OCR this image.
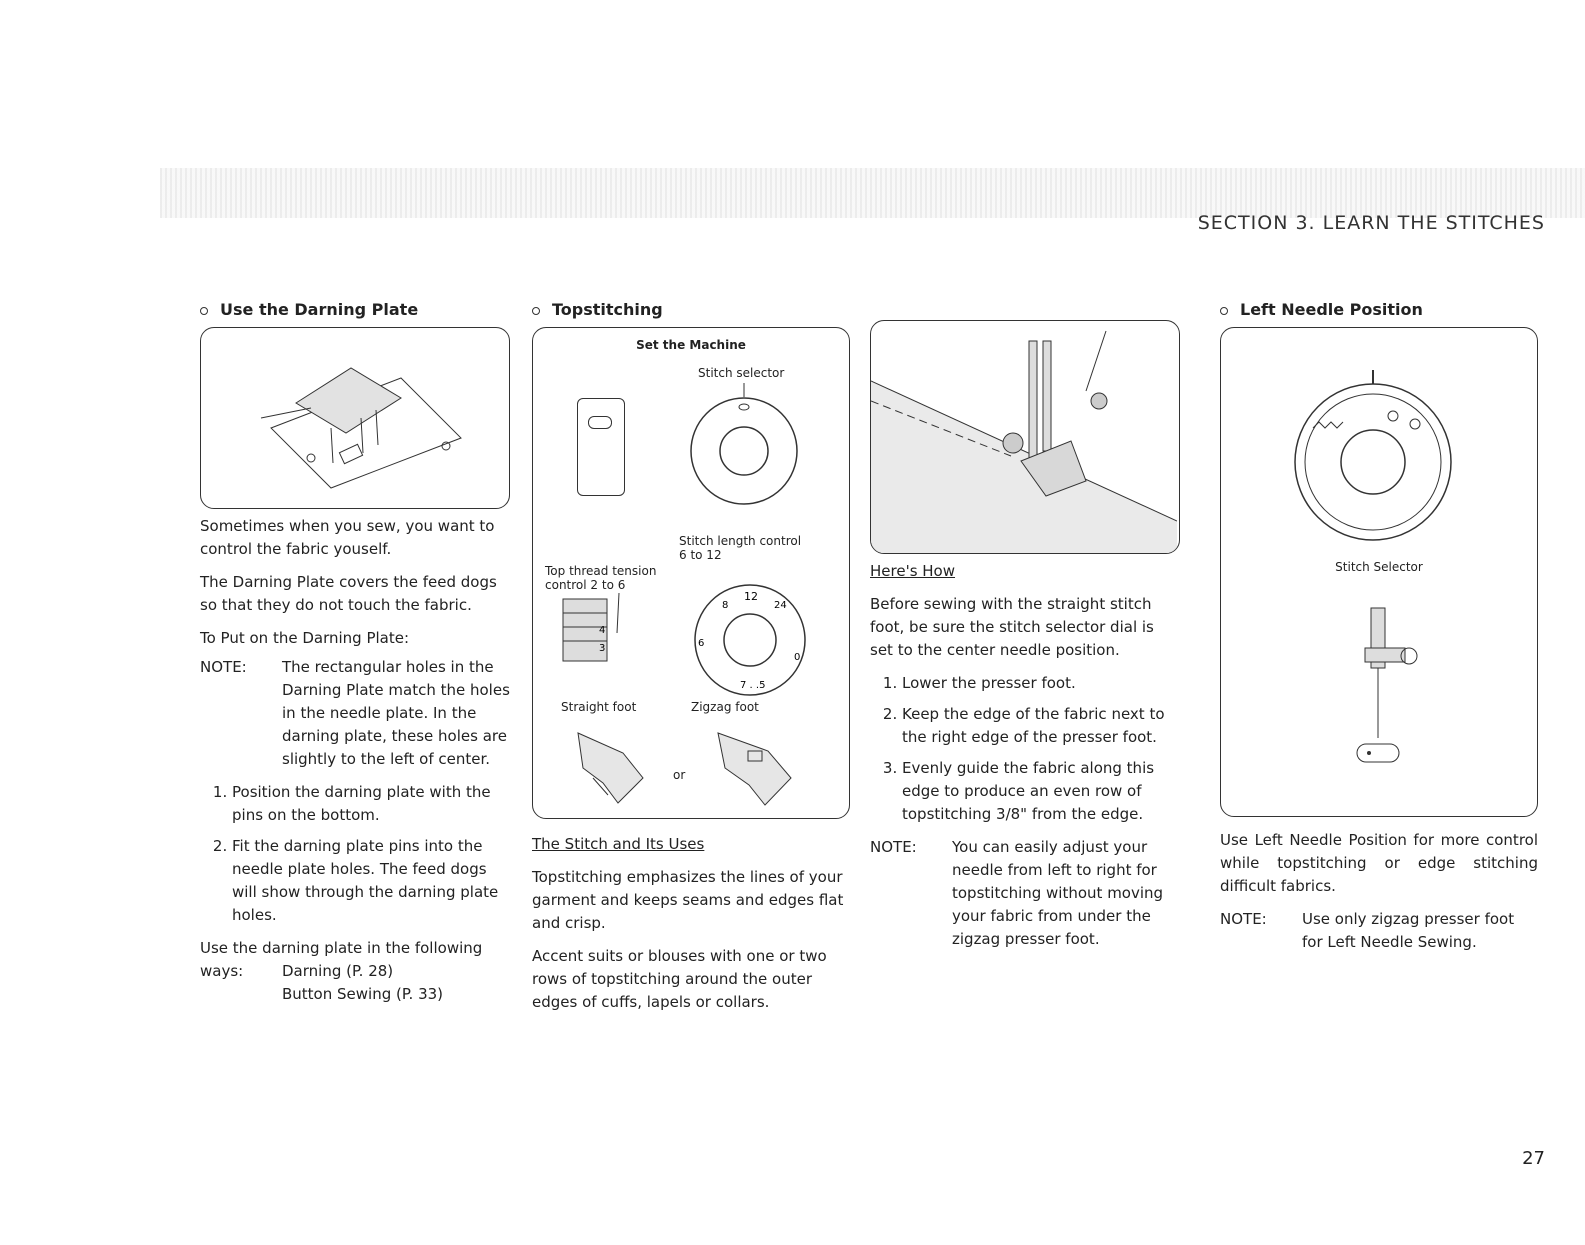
SECTION 3. LEARN THE STITCHES
Use the Darning Plate

Sometimes when you sew, you want to control the fabric youself.

The Darning Plate covers the feed dogs so that they do not touch the fabric.

To Put on the Darning Plate:

NOTE:	The rectangular holes in the Darning Plate match the holes in the needle plate. In the darning plate, these holes are slightly to the left of center.
1. Position the darning plate with the pins on the bottom.
2. Fit the darning plate pins into the needle plate holes. The feed dogs will show through the darning plate holes.

Use the darning plate in the following

ways:	Darning (P. 28)
Button Sewing (P. 33)
Topstitching
Set the Machine
Stitch selector
Stitch length control
6 to 12
Top thread tension
control 2 to 6
4
3
12
24
8
6
0
7 . .5
Straight foot	Zigzag foot
or

The Stitch and Its Uses

Topstitching emphasizes the lines of your garment and keeps seams and edges flat and crisp.

Accent suits or blouses with one or two rows of topstitching around the outer edges of cuffs, lapels or collars.

Here's How

Before sewing with the straight stitch foot, be sure the stitch selector dial is set to the center needle position.

1. Lower the presser foot.
2. Keep the edge of the fabric next to the right edge of the presser foot.
3. Evenly guide the fabric along this edge to produce an even row of topstitching 3/8" from the edge.
NOTE:	You can easily adjust your needle from left to right for topstitching without moving your fabric from under the zigzag presser foot.
Left Needle Position
Stitch Selector

Use Left Needle Position for more control while topstitching or edge stitching difficult fabrics.

NOTE:	Use only zigzag presser foot for Left Needle Sewing.
27
